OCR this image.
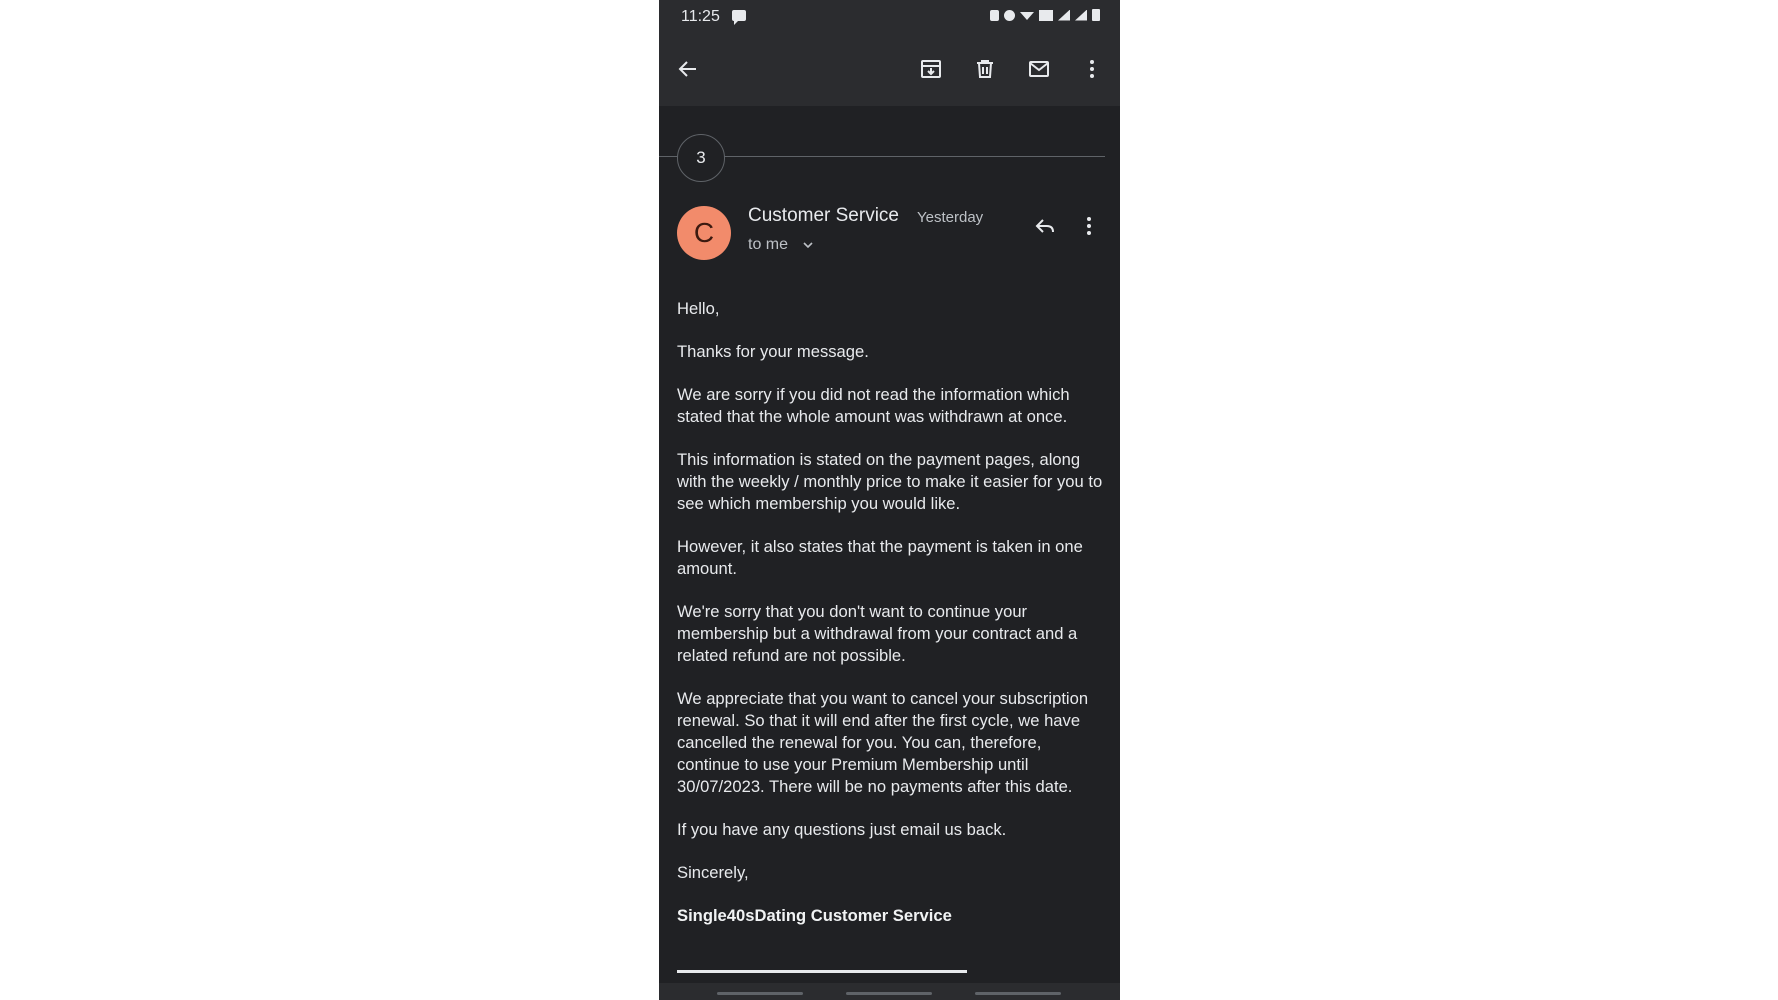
11:25
3
C
Customer Service Yesterday
to me

Hello,

Thanks for your message.

We are sorry if you did not read the information which stated that the whole amount was withdrawn at once.

This information is stated on the payment pages, along with the weekly / monthly price to make it easier for you to see which membership you would like.

However, it also states that the payment is taken in one amount.

We're sorry that you don't want to continue your membership but a withdrawal from your contract and a related refund are not possible.

We appreciate that you want to cancel your subscription renewal. So that it will end after the first cycle, we have cancelled the renewal for you. You can, therefore, continue to use your Premium Membership until 30/07/2023. There will be no payments after this date.

If you have any questions just email us back.

Sincerely,

Single40sDating Customer Service
